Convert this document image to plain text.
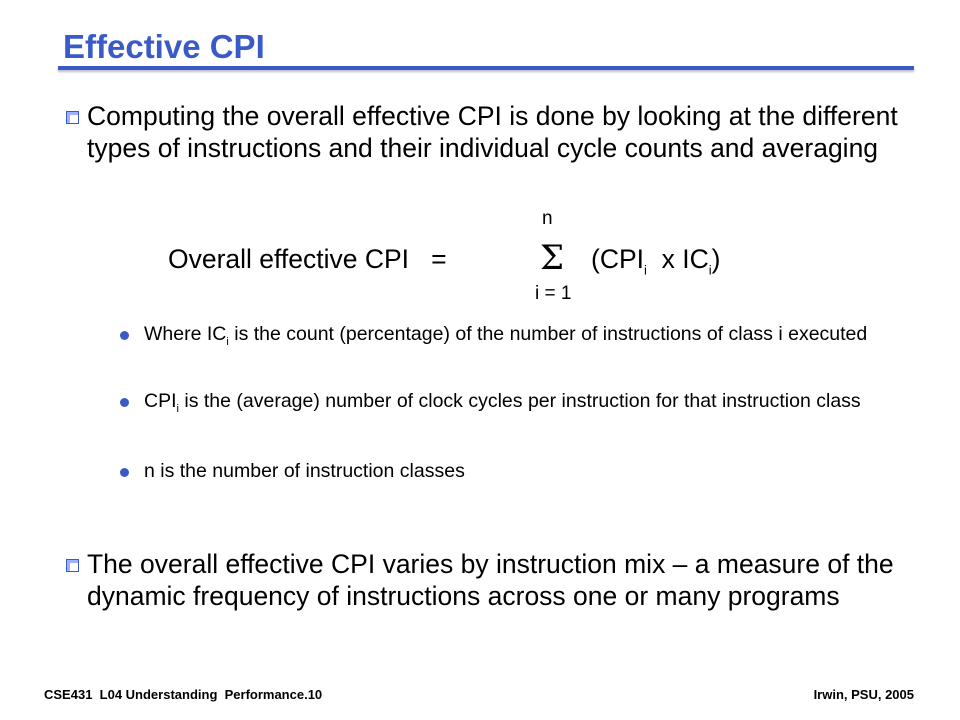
Effective CPI
Computing the overall effective CPI is done by looking at the different types of instructions and their individual cycle counts and averaging
n
Overall effective CPI =	Σ ($CPI_i$ x $IC_i$)
i = 1
Where $IC_i$ is the count (percentage) of the number of instructions of class i executed
$CPI_i$ is the (average) number of clock cycles per instruction for that instruction class
n is the number of instruction classes
The overall effective CPI varies by instruction mix – a measure of the dynamic frequency of instructions across one or many programs
CSE431  L04 Understanding  Performance.10	Irwin, PSU, 2005
